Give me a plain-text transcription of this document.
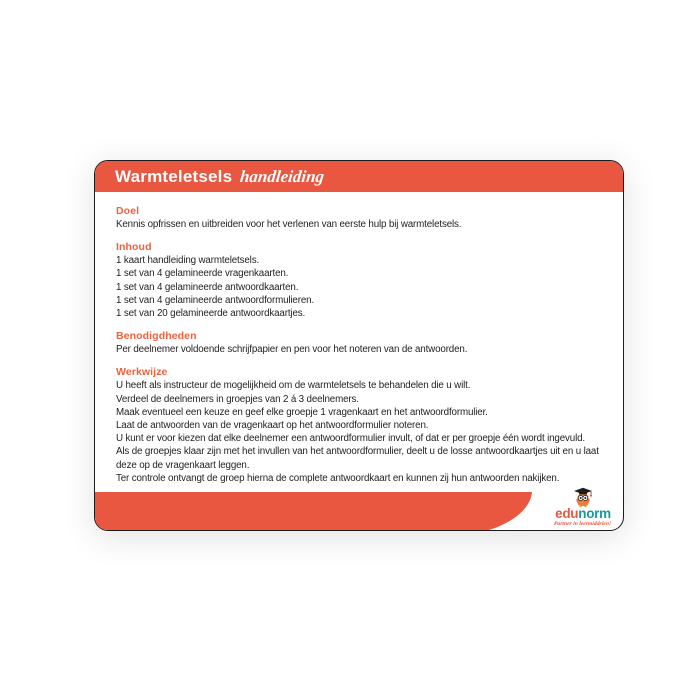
Warmteletsels handleiding
Doel

Kennis opfrissen en uitbreiden voor het verlenen van eerste hulp bij warmteletsels.

Inhoud

1 kaart handleiding warmteletsels.

1 set van 4 gelamineerde vragenkaarten.

1 set van 4 gelamineerde antwoordkaarten.

1 set van 4 gelamineerde antwoordformulieren.

1 set van 20 gelamineerde antwoordkaartjes.

Benodigdheden

Per deelnemer voldoende schrijfpapier en pen voor het noteren van de antwoorden.

Werkwijze

U heeft als instructeur de mogelijkheid om de warmteletsels te behandelen die u wilt.

Verdeel de deelnemers in groepjes van 2 á 3 deelnemers.

Maak eventueel een keuze en geef elke groepje 1 vragenkaart en het antwoordformulier.

Laat de antwoorden van de vragenkaart op het antwoordformulier noteren.

U kunt er voor kiezen dat elke deelnemer een antwoordformulier invult, of dat er per groepje één wordt ingevuld.

Als de groepjes klaar zijn met het invullen van het antwoordformulier, deelt u de losse antwoordkaartjes uit en u laat deze op de vragenkaart leggen.

Ter controle ontvangt de groep hierna de complete antwoordkaart en kunnen zij hun antwoorden nakijken.

edunorm
Partner in leermiddelen!
